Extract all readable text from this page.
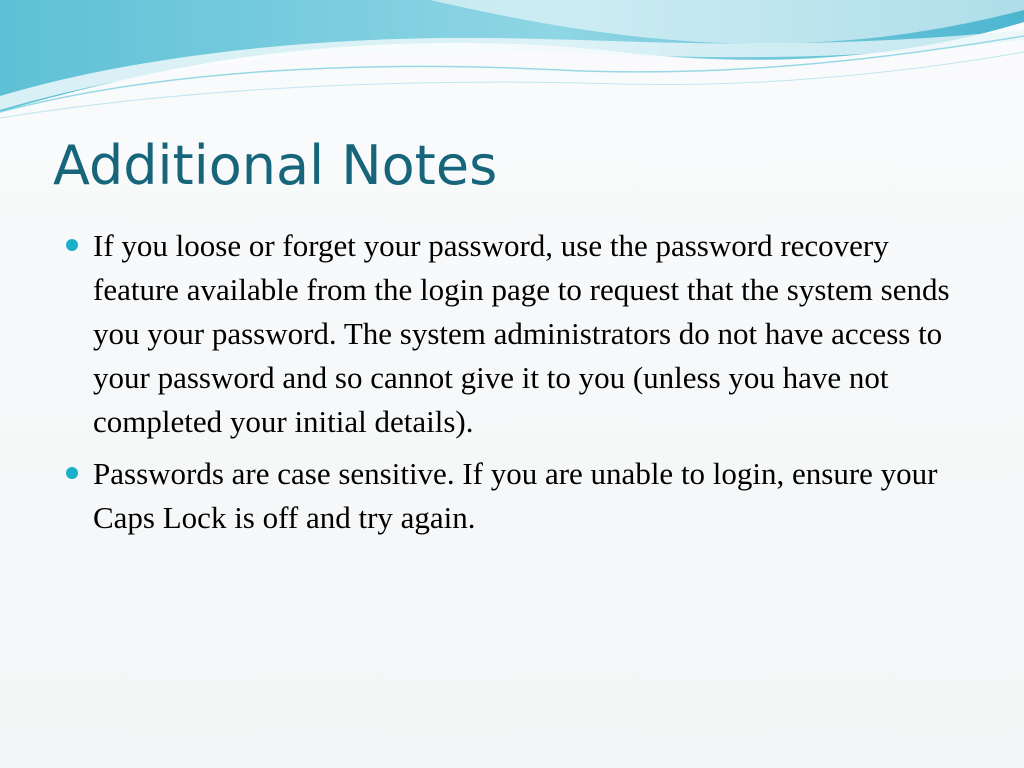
Additional Notes
If you loose or forget your password, use the password recovery feature available from the login page to request that the system sends you your password. The system administrators do not have access to your password and so cannot give it to you (unless you have not completed your initial details).
Passwords are case sensitive. If you are unable to login, ensure your Caps Lock is off and try again.
